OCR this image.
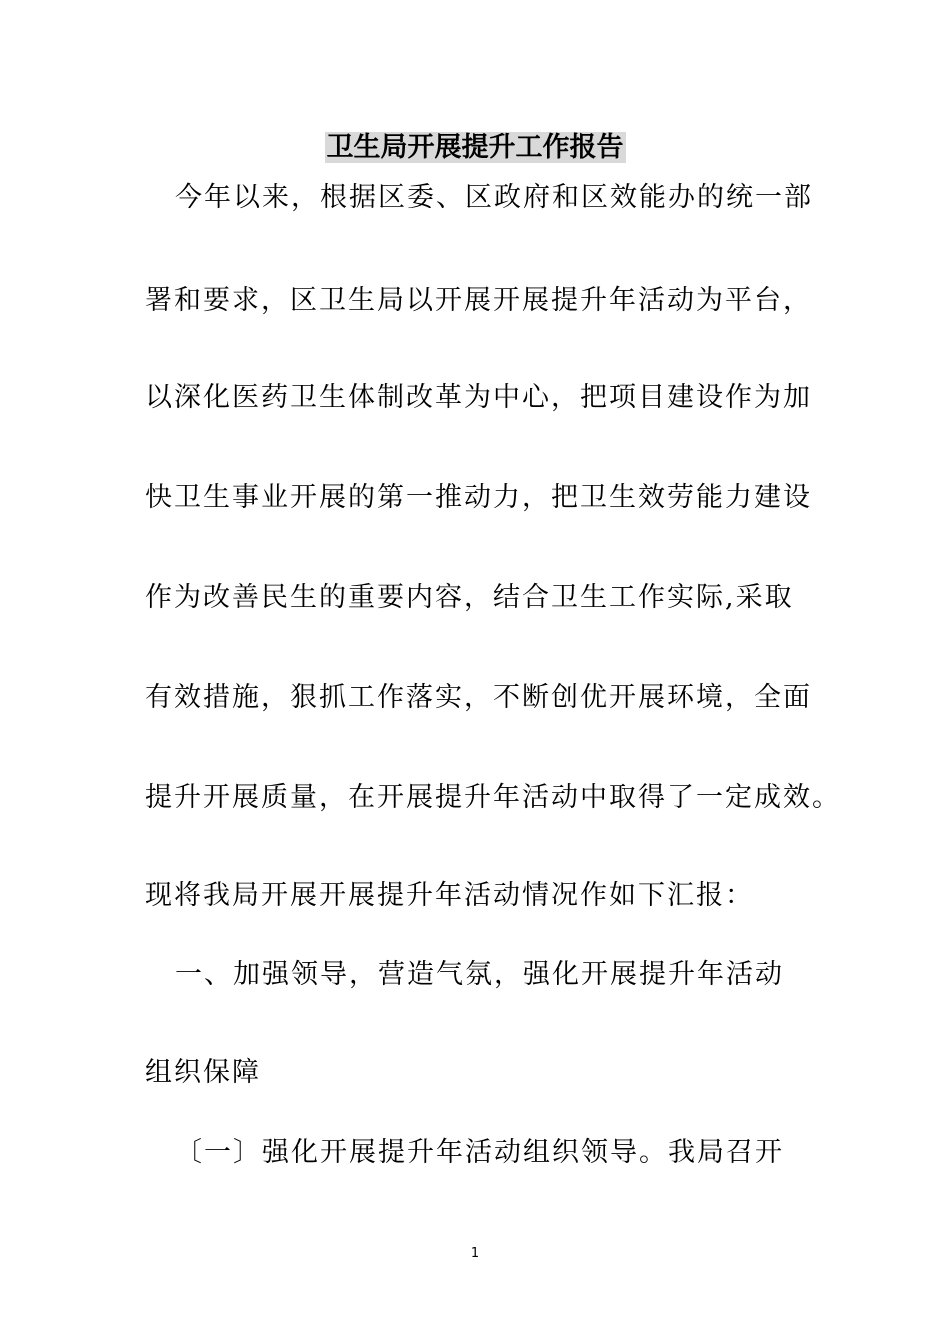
卫生局开展提升工作报告
今年以来，根据区委、区政府和区效能办的统一部
署和要求，区卫生局以开展开展提升年活动为平台，
以深化医药卫生体制改革为中心，把项目建设作为加
快卫生事业开展的第一推动力，把卫生效劳能力建设
作为改善民生的重要内容，结合卫生工作实际,采取
有效措施，狠抓工作落实，不断创优开展环境，全面
提升开展质量，在开展提升年活动中取得了一定成效。
现将我局开展开展提升年活动情况作如下汇报：
一、加强领导，营造气氛，强化开展提升年活动
组织保障
〔一〕强化开展提升年活动组织领导。我局召开
1
